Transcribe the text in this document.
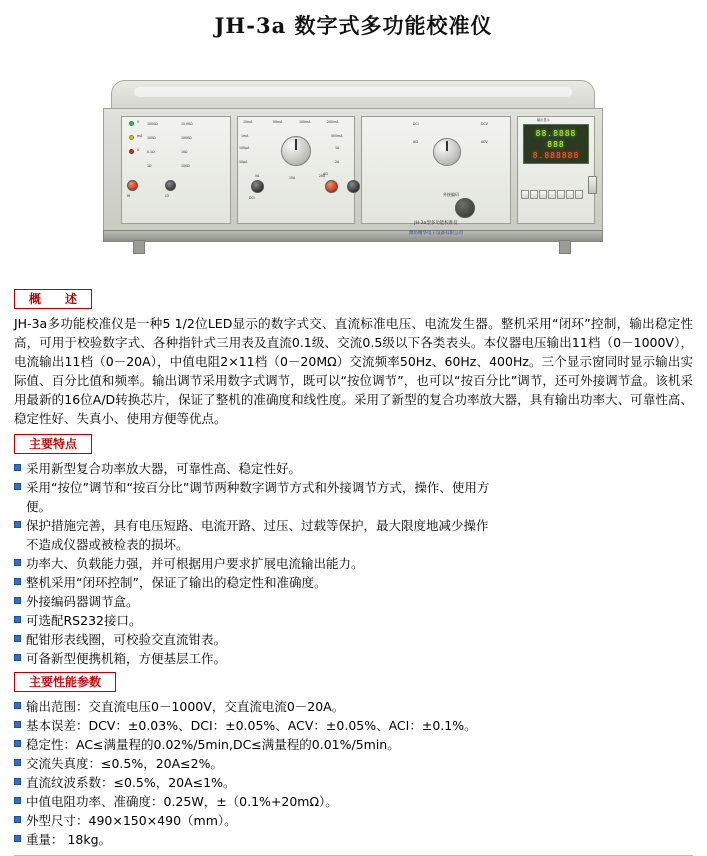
JH-3a 数字式多功能校准仪
1000Ω	10.00Ω
100Ω	1000Ω
0.1Ω	10Ω
1Ω	100Ω
V
mA
A
10mA	50mA	100mA	200mA
1mA	500mA
100μA	1A
10μA	2A
5A	10A	20A
DCI	DCV
ACI	ACV
JH-3a型多功能校准仪
潍坊精华电子设备有限公司
HI	LO	DCI
ACI
外接编码
输出显示
88.8888 888
8.888888
概　　述

JH-3a多功能校准仪是一种5 1/2位LED显示的数字式交、直流标准电压、电流发生器。整机采用“闭环”控制，输出稳定性高，可用于校验数字式、各种指针式三用表及直流0.1级、交流0.5级以下各类表头。本仪器电压输出11档（0－1000V），电流输出11档（0－20A），中值电阻2×11档（0－20MΩ）交流频率50Hz、60Hz、400Hz。三个显示窗同时显示输出实际值、百分比值和频率。输出调节采用数字式调节，既可以“按位调节”，也可以“按百分比”调节，还可外接调节盒。该机采用最新的16位A/D转换芯片，保证了整机的准确度和线性度。采用了新型的复合功率放大器，具有输出功率大、可靠性高、稳定性好、失真小、使用方便等优点。

主要特点
采用新型复合功率放大器，可靠性高、稳定性好。
采用“按位”调节和“按百分比”调节两种数字调节方式和外接调节方式，操作、使用方
便。
保护措施完善，具有电压短路、电流开路、过压、过载等保护，最大限度地减少操作
不造成仪器或被检表的损坏。
功率大、负载能力强，并可根据用户要求扩展电流输出能力。
整机采用“闭环控制”，保证了输出的稳定性和准确度。
外接编码器调节盒。
可选配RS232接口。
配钳形表线圈，可校验交直流钳表。
可备新型便携机箱，方便基层工作。
主要性能参数
输出范围：交直流电压0－1000V，交直流电流0－20A。
基本误差：DCV：±0.03%、DCI：±0.05%、ACV：±0.05%、ACI：±0.1%。
稳定性：AC≤满量程的0.02%/5min,DC≤满量程的0.01%/5min。
交流失真度：≤0.5%，20A≤2%。
直流纹波系数：≤0.5%，20A≤1%。
中值电阻功率、准确度：0.25W，±（0.1%+20mΩ）。
外型尺寸：490×150×490（mm）。
重量： 18kg。
